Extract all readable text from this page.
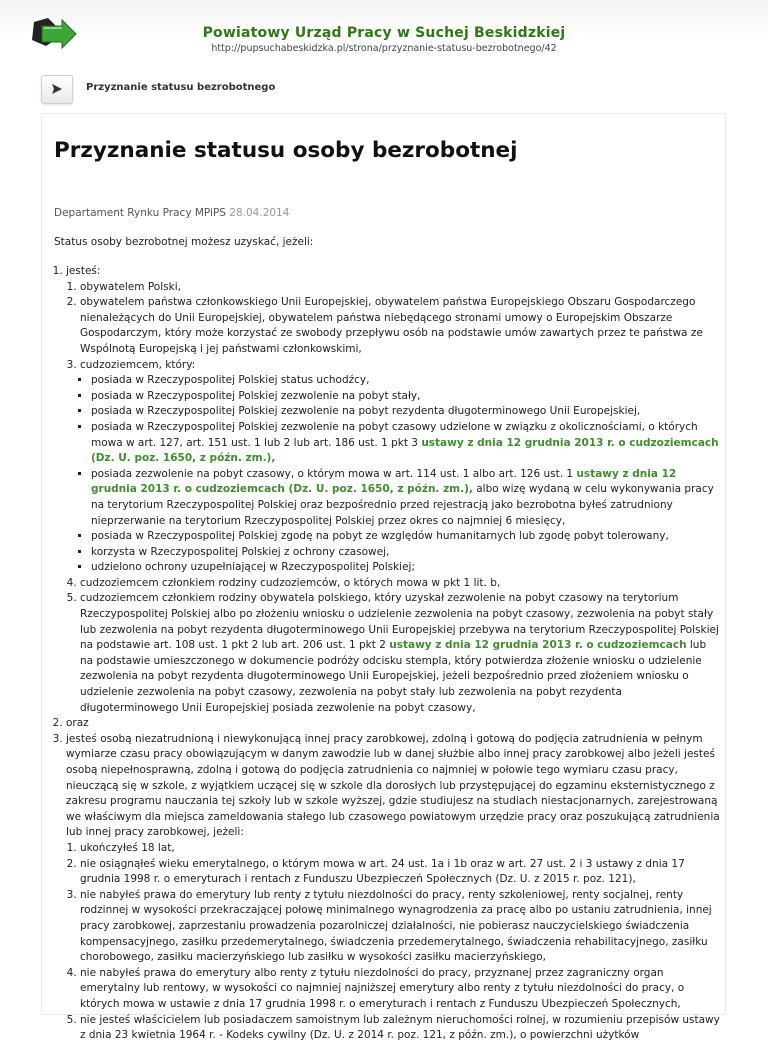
Powiatowy Urząd Pracy w Suchej Beskidzkiej
http://pupsuchabeskidzka.pl/strona/przyznanie-statusu-bezrobotnego/42
Przyznanie statusu bezrobotnego
Przyznanie statusu osoby bezrobotnej
Departament Rynku Pracy MPiPS 28.04.2014
Status osoby bezrobotnej możesz uzyskać, jeżeli:
1. jesteś:
1. obywatelem Polski,
2. obywatelem państwa członkowskiego Unii Europejskiej, obywatelem państwa Europejskiego Obszaru Gospodarczego nienależących do Unii Europejskiej, obywatelem państwa niebędącego stronami umowy o Europejskim Obszarze Gospodarczym, który może korzystać ze swobody przepływu osób na podstawie umów zawartych przez te państwa ze Wspólnotą Europejską i jej państwami członkowskimi,
3. cudzoziemcem, który:
▪ posiada w Rzeczypospolitej Polskiej status uchodźcy,
▪ posiada w Rzeczypospolitej Polskiej zezwolenie na pobyt stały,
▪ posiada w Rzeczypospolitej Polskiej zezwolenie na pobyt rezydenta długoterminowego Unii Europejskiej,
▪ posiada w Rzeczypospolitej Polskiej zezwolenie na pobyt czasowy udzielone w związku z okolicznościami, o których mowa w art. 127, art. 151 ust. 1 lub 2 lub art. 186 ust. 1 pkt 3 ustawy z dnia 12 grudnia 2013 r. o cudzoziemcach (Dz. U. poz. 1650, z późn. zm.),
▪ posiada zezwolenie na pobyt czasowy, o którym mowa w art. 114 ust. 1 albo art. 126 ust. 1 ustawy z dnia 12 grudnia 2013 r. o cudzoziemcach (Dz. U. poz. 1650, z późn. zm.), albo wizę wydaną w celu wykonywania pracy na terytorium Rzeczypospolitej Polskiej oraz bezpośrednio przed rejestracją jako bezrobotna byłeś zatrudniony nieprzerwanie na terytorium Rzeczypospolitej Polskiej przez okres co najmniej 6 miesięcy,
▪ posiada w Rzeczypospolitej Polskiej zgodę na pobyt ze względów humanitarnych lub zgodę pobyt tolerowany,
▪ korzysta w Rzeczypospolitej Polskiej z ochrony czasowej,
▪ udzielono ochrony uzupełniającej w Rzeczypospolitej Polskiej;
4. cudzoziemcem członkiem rodziny cudzoziemców, o których mowa w pkt 1 lit. b,
5. cudzoziemcem członkiem rodziny obywatela polskiego, który uzyskał zezwolenie na pobyt czasowy na terytorium Rzeczypospolitej Polskiej albo po złożeniu wniosku o udzielenie zezwolenia na pobyt czasowy, zezwolenia na pobyt stały lub zezwolenia na pobyt rezydenta długoterminowego Unii Europejskiej przebywa na terytorium Rzeczypospolitej Polskiej na podstawie art. 108 ust. 1 pkt 2 lub art. 206 ust. 1 pkt 2 ustawy z dnia 12 grudnia 2013 r. o cudzoziemcach lub na podstawie umieszczonego w dokumencie podróży odcisku stempla, który potwierdza złożenie wniosku o udzielenie zezwolenia na pobyt rezydenta długoterminowego Unii Europejskiej, jeżeli bezpośrednio przed złożeniem wniosku o udzielenie zezwolenia na pobyt czasowy, zezwolenia na pobyt stały lub zezwolenia na pobyt rezydenta długoterminowego Unii Europejskiej posiada zezwolenie na pobyt czasowy,
2. oraz
3. jesteś osobą niezatrudnioną i niewykonującą innej pracy zarobkowej, zdolną i gotową do podjęcia zatrudnienia w pełnym wymiarze czasu pracy obowiązującym w danym zawodzie lub w danej służbie albo innej pracy zarobkowej albo jeżeli jesteś osobą niepełnosprawną, zdolną i gotową do podjęcia zatrudnienia co najmniej w połowie tego wymiaru czasu pracy, nieuczącą się w szkole, z wyjątkiem uczącej się w szkole dla dorosłych lub przystępującej do egzaminu eksternistycznego z zakresu programu nauczania tej szkoły lub w szkole wyższej, gdzie studiujesz na studiach niestacjonarnych, zarejestrowaną we właściwym dla miejsca zameldowania stałego lub czasowego powiatowym urzędzie pracy oraz poszukującą zatrudnienia lub innej pracy zarobkowej, jeżeli:
1. ukończyłeś 18 lat,
2. nie osiągnąłeś wieku emerytalnego, o którym mowa w art. 24 ust. 1a i 1b oraz w art. 27 ust. 2 i 3 ustawy z dnia 17 grudnia 1998 r. o emeryturach i rentach z Funduszu Ubezpieczeń Społecznych (Dz. U. z 2015 r. poz. 121),
3. nie nabyłeś prawa do emerytury lub renty z tytułu niezdolności do pracy, renty szkoleniowej, renty socjalnej, renty rodzinnej w wysokości przekraczającej połowę minimalnego wynagrodzenia za pracę albo po ustaniu zatrudnienia, innej pracy zarobkowej, zaprzestaniu prowadzenia pozarolniczej działalności, nie pobierasz nauczycielskiego świadczenia kompensacyjnego, zasiłku przedemerytalnego, świadczenia przedemerytalnego, świadczenia rehabilitacyjnego, zasiłku chorobowego, zasiłku macierzyńskiego lub zasiłku w wysokości zasiłku macierzyńskiego,
4. nie nabyłeś prawa do emerytury albo renty z tytułu niezdolności do pracy, przyznanej przez zagraniczny organ emerytalny lub rentowy, w wysokości co najmniej najniższej emerytury albo renty z tytułu niezdolności do pracy, o których mowa w ustawie z dnia 17 grudnia 1998 r. o emeryturach i rentach z Funduszu Ubezpieczeń Społecznych,
5. nie jesteś właścicielem lub posiadaczem samoistnym lub zależnym nieruchomości rolnej, w rozumieniu przepisów ustawy z dnia 23 kwietnia 1964 r. - Kodeks cywilny (Dz. U. z 2014 r. poz. 121, z późn. zm.), o powierzchni użytków
